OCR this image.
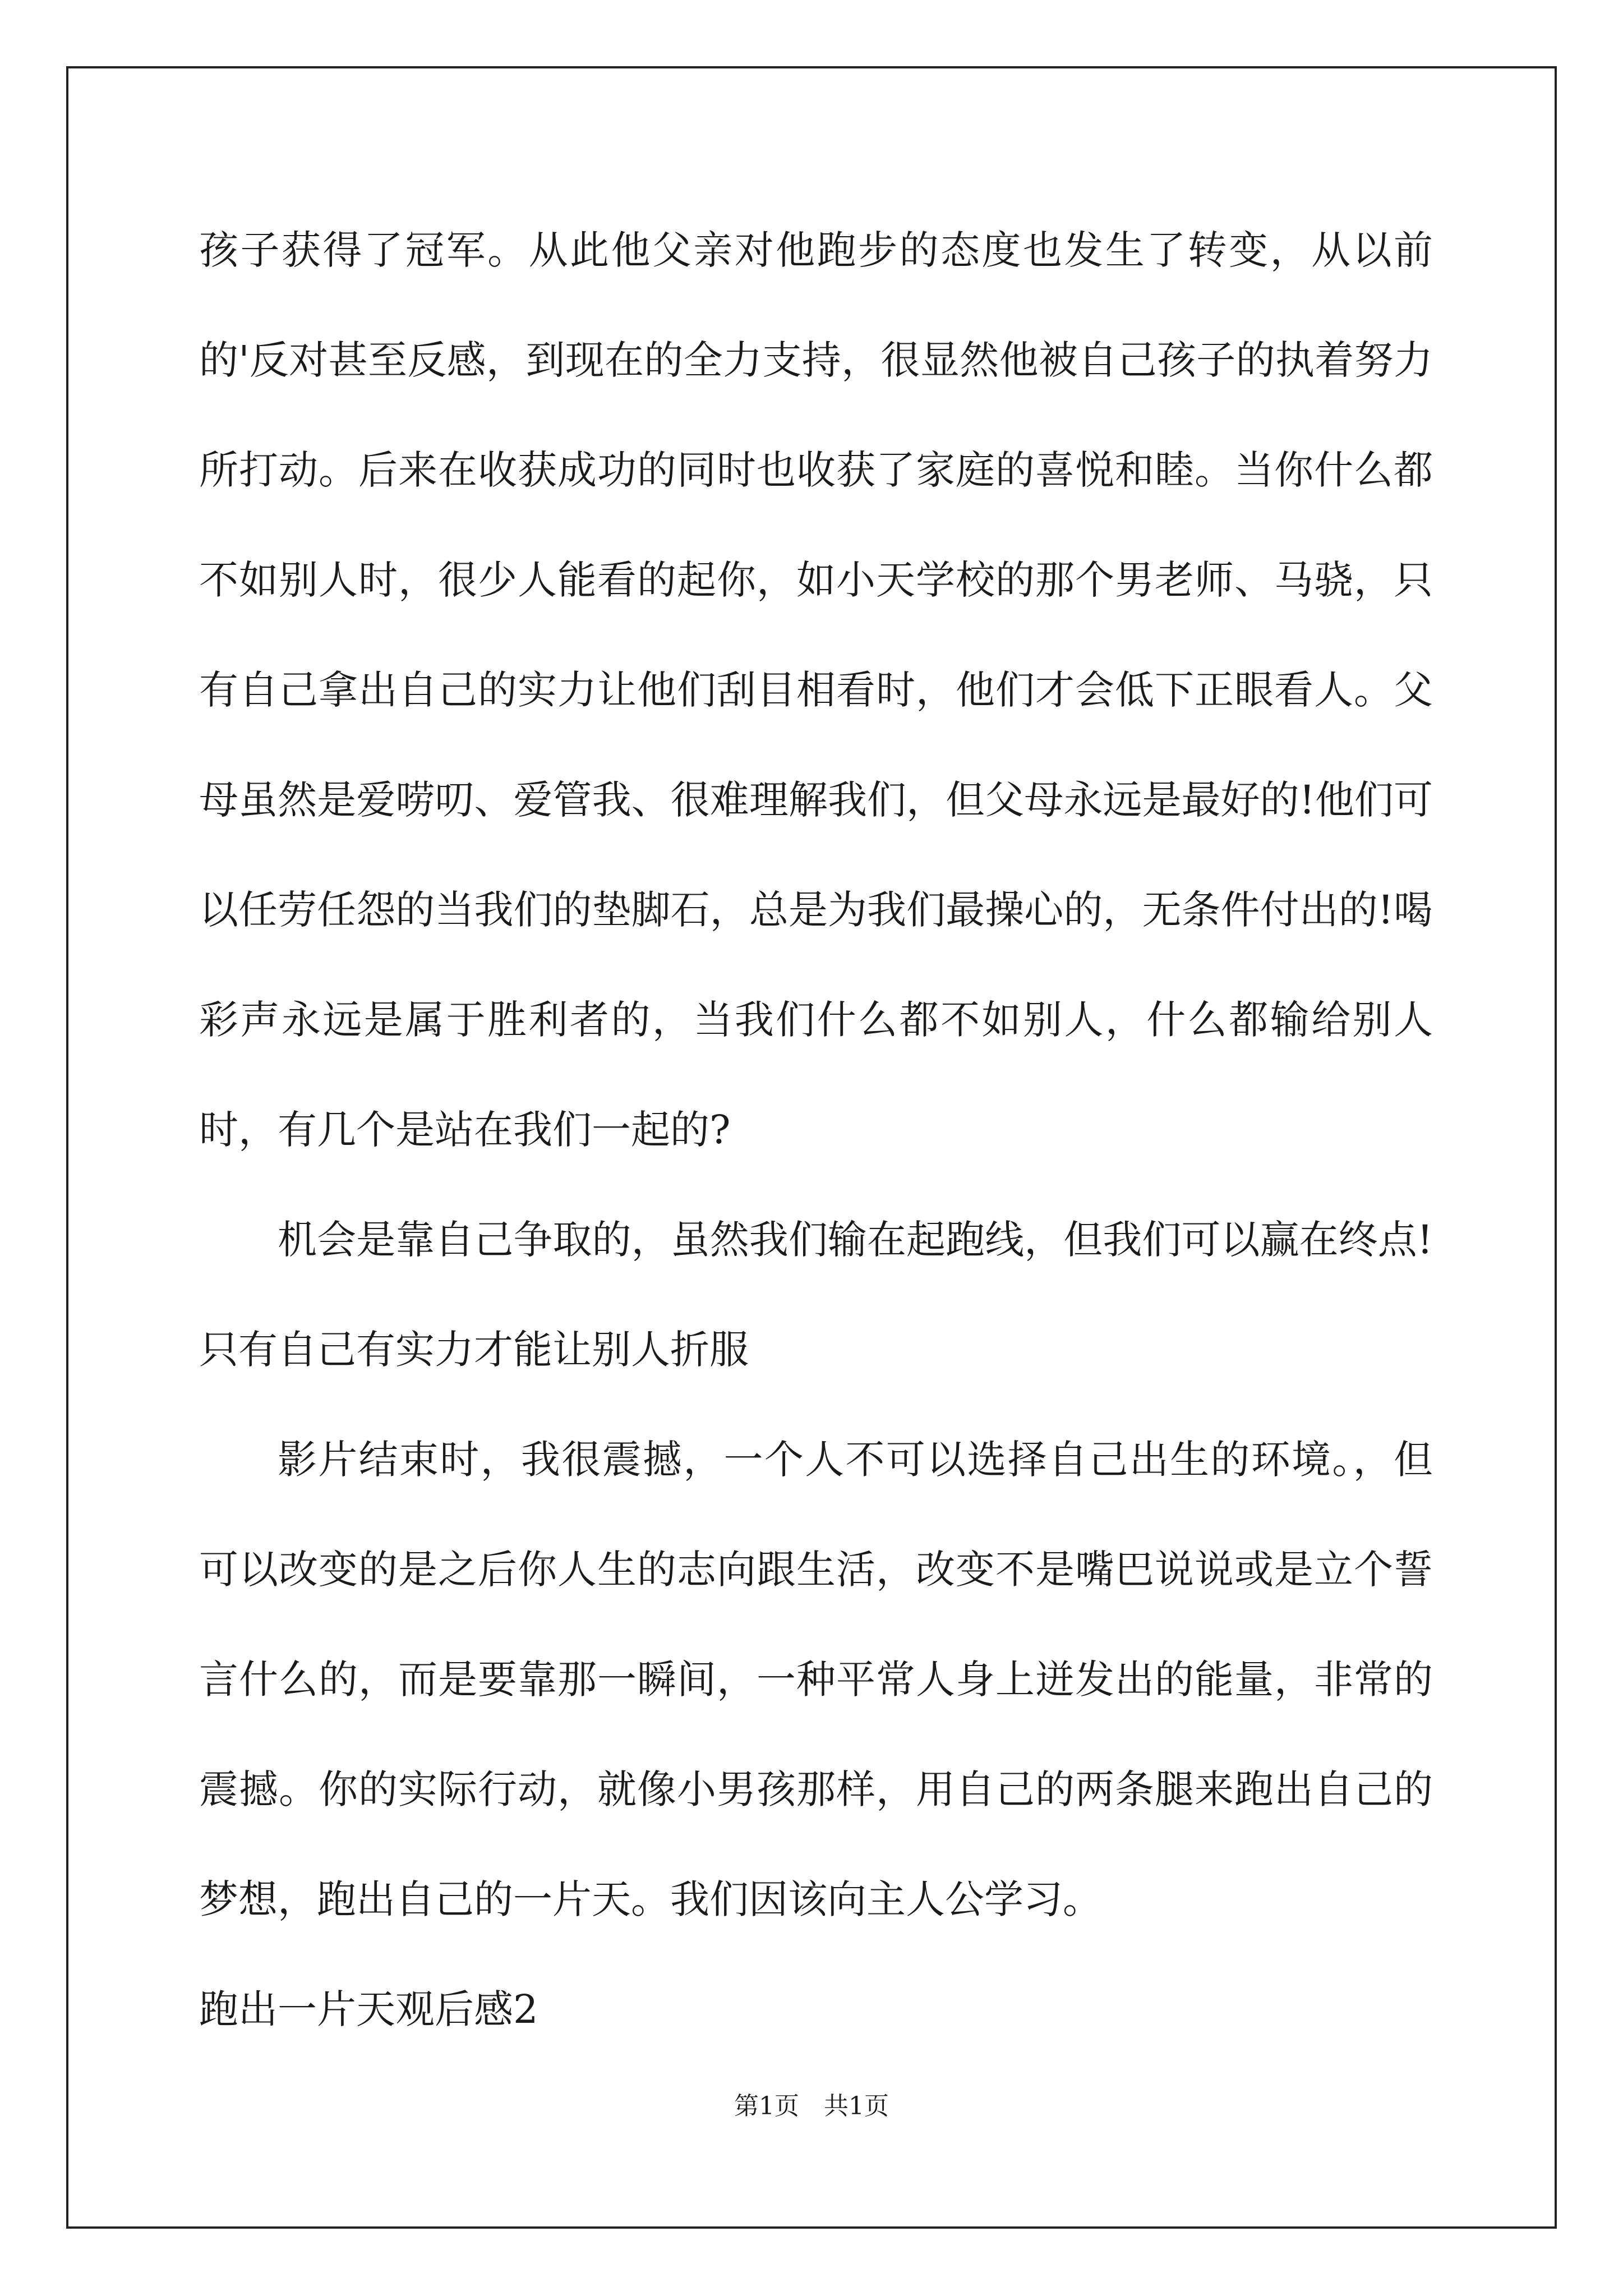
孩子获得了冠军。从此他父亲对他跑步的态度也发生了转变，从以前的'反对甚至反感，到现在的全力支持，很显然他被自己孩子的执着努力所打动。后来在收获成功的同时也收获了家庭的喜悦和睦。当你什么都不如别人时，很少人能看的起你，如小天学校的那个男老师、马骁，只有自己拿出自己的实力让他们刮目相看时，他们才会低下正眼看人。父母虽然是爱唠叨、爱管我、很难理解我们，但父母永远是最好的!他们可以任劳任怨的当我们的垫脚石，总是为我们最操心的，无条件付出的!喝彩声永远是属于胜利者的，当我们什么都不如别人，什么都输给别人时，有几个是站在我们一起的?

机会是靠自己争取的，虽然我们输在起跑线，但我们可以赢在终点!只有自己有实力才能让别人折服

影片结束时，我很震撼，一个人不可以选择自己出生的环境。，但可以改变的是之后你人生的志向跟生活，改变不是嘴巴说说或是立个誓言什么的，而是要靠那一瞬间，一种平常人身上迸发出的能量，非常的震撼。你的实际行动，就像小男孩那样，用自己的两条腿来跑出自己的梦想，跑出自己的一片天。我们因该向主人公学习。

跑出一片天观后感2

第1页　共1页
